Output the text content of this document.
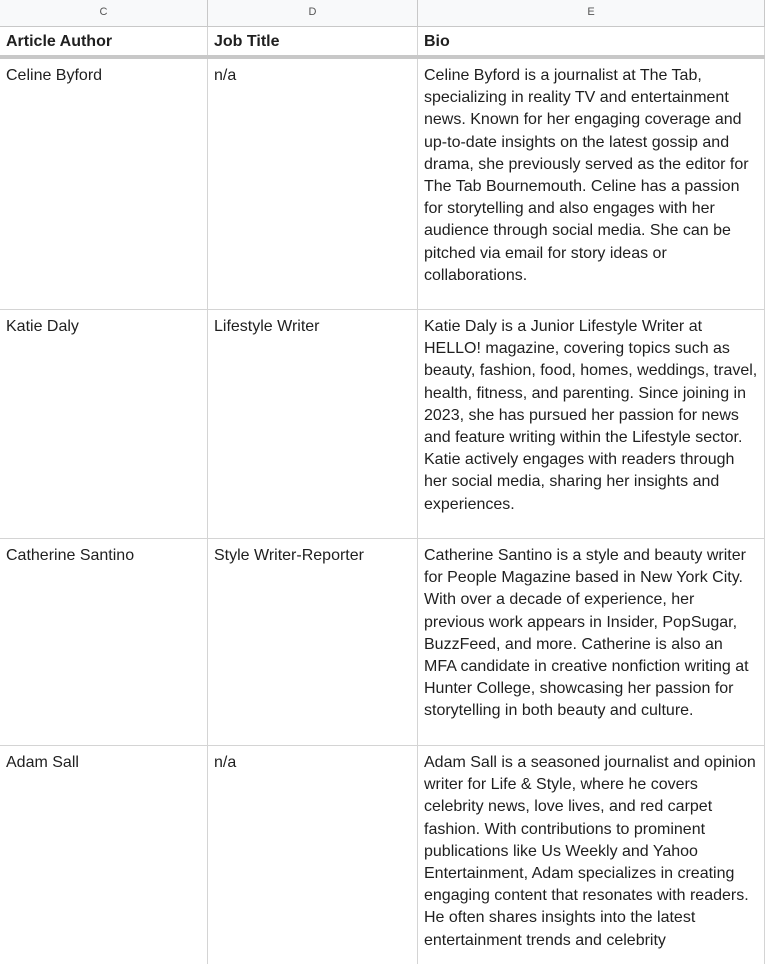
C	D	E
Article Author	Job Title	Bio
Celine Byford	n/a	Celine Byford is a journalist at The Tab, specializing in reality TV and entertainment news. Known for her engaging coverage and up-to-date insights on the latest gossip and drama, she previously served as the editor for The Tab Bournemouth. Celine has a passion for storytelling and also engages with her audience through social media. She can be pitched via email for story ideas or collaborations.
Katie Daly	Lifestyle Writer	Katie Daly is a Junior Lifestyle Writer at HELLO! magazine, covering topics such as beauty, fashion, food, homes, weddings, travel, health, fitness, and parenting. Since joining in 2023, she has pursued her passion for news and feature writing within the Lifestyle sector. Katie actively engages with readers through her social media, sharing her insights and experiences.
Catherine Santino	Style Writer-Reporter	Catherine Santino is a style and beauty writer for People Magazine based in New York City. With over a decade of experience, her previous work appears in Insider, PopSugar, BuzzFeed, and more. Catherine is also an MFA candidate in creative nonfiction writing at Hunter College, showcasing her passion for storytelling in both beauty and culture.
Adam Sall	n/a	Adam Sall is a seasoned journalist and opinion writer for Life & Style, where he covers celebrity news, love lives, and red carpet fashion. With contributions to prominent publications like Us Weekly and Yahoo Entertainment, Adam specializes in creating engaging content that resonates with readers. He often shares insights into the latest entertainment trends and celebrity
